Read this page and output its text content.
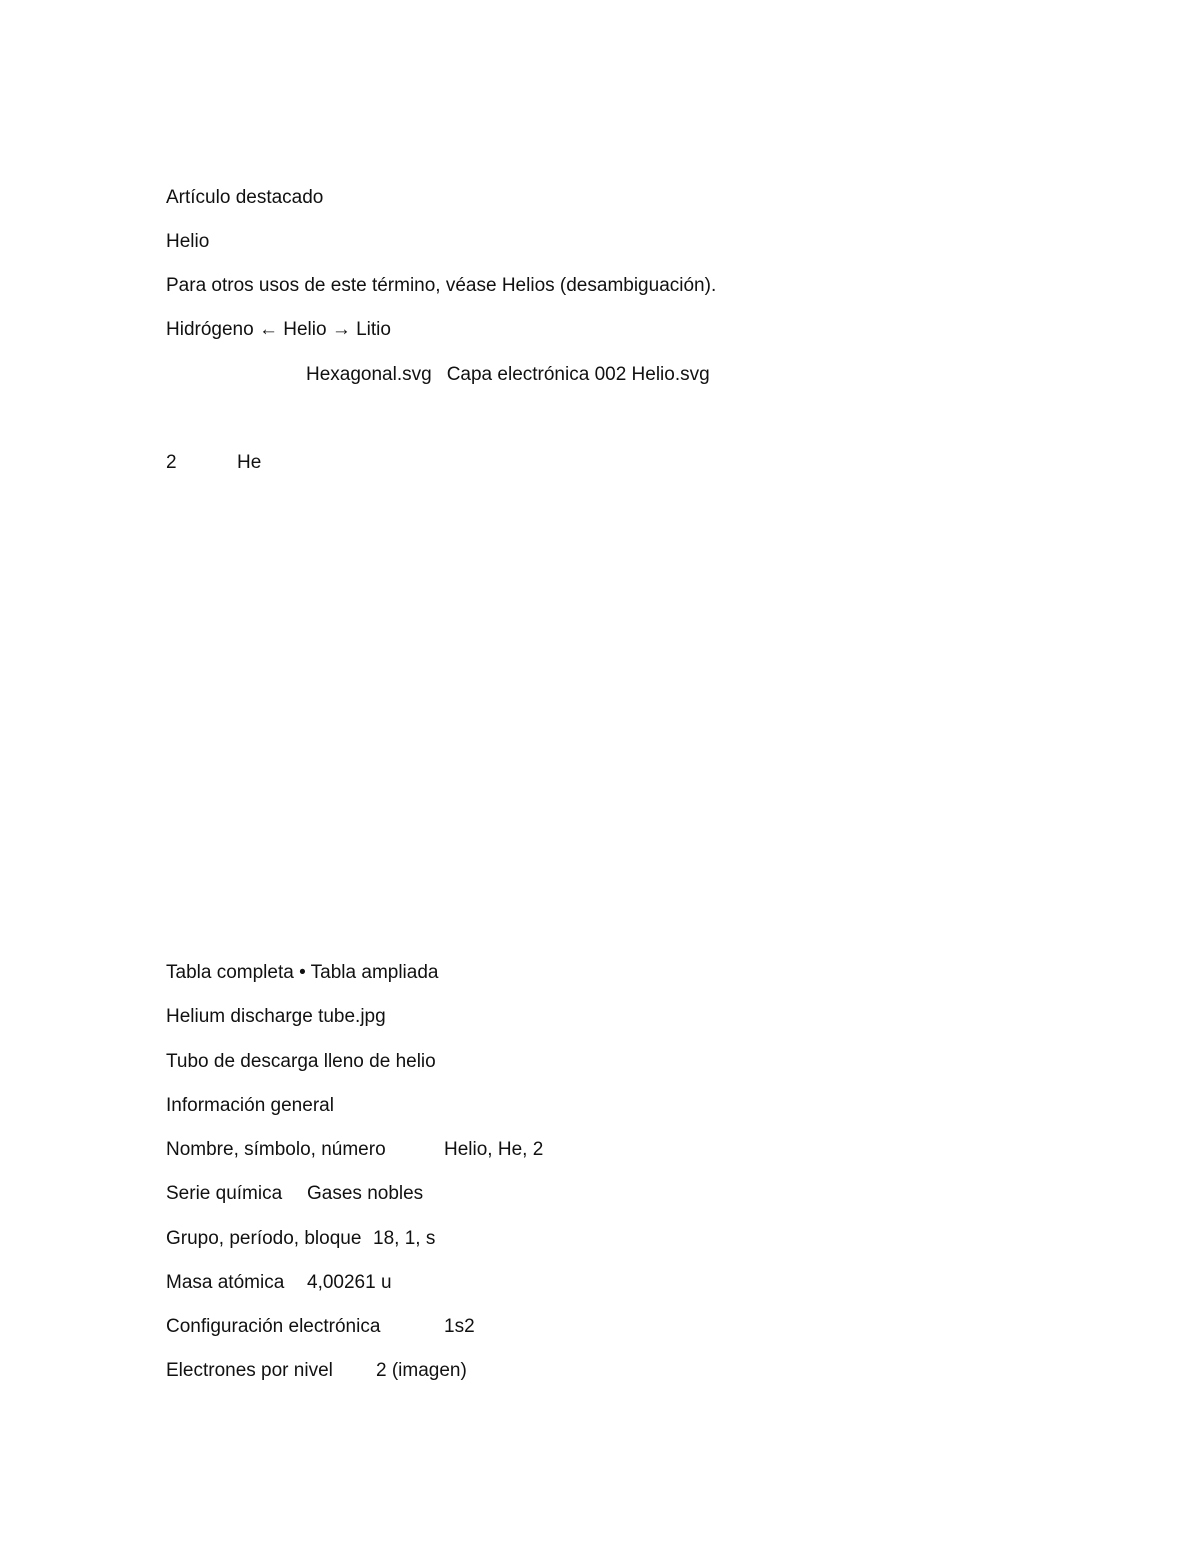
Artículo destacado
Helio
Para otros usos de este término, véase Helios (desambiguación).
Hidrógeno ← Helio → Litio
Hexagonal.svg Capa electrónica 002 Helio.svg
2	He
Tabla completa • Tabla ampliada
Helium discharge tube.jpg
Tubo de descarga lleno de helio
Información general
Nombre, símbolo, número	Helio, He, 2
Serie química Gases nobles
Grupo, período, bloque 18, 1, s
Masa atómica 4,00261 u
Configuración electrónica	1s2
Electrones por nivel 2 (imagen)
